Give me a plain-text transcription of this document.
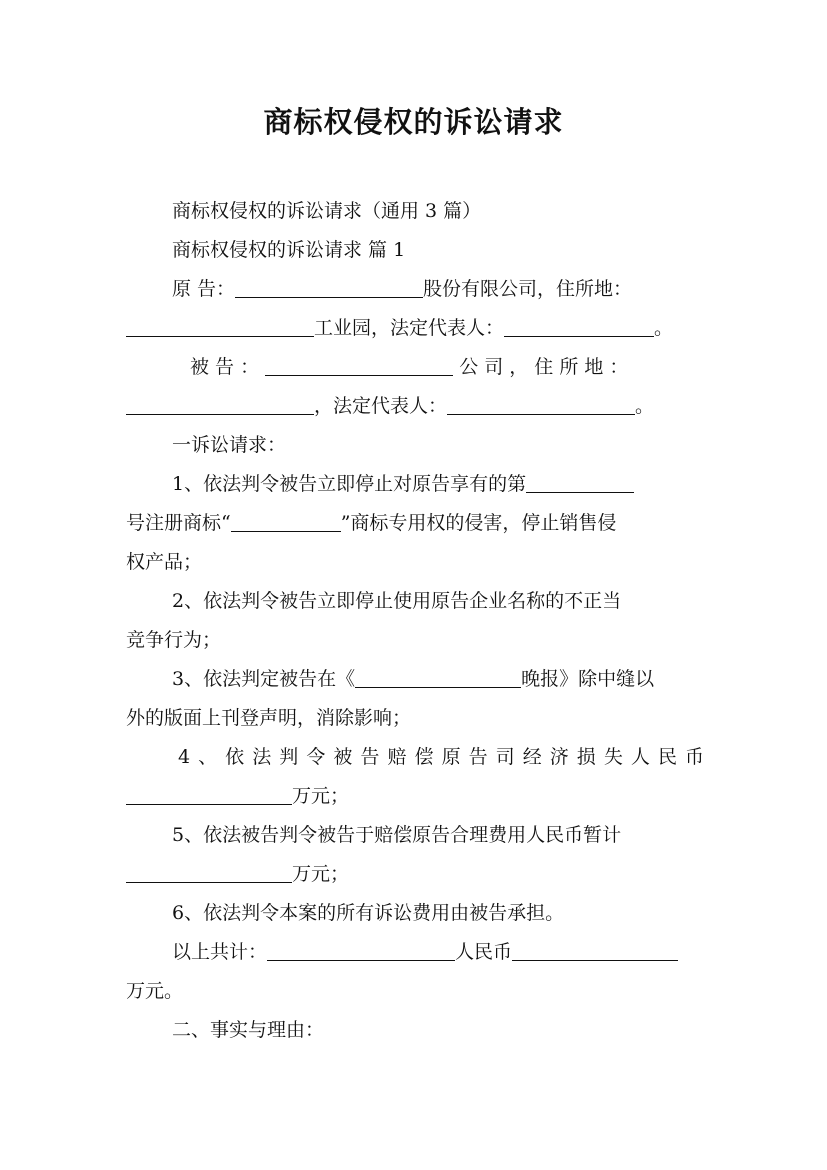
商标权侵权的诉讼请求
商标权侵权的诉讼请求（通用 3 篇）
商标权侵权的诉讼请求 篇 1
原 告：	股份有限公司，住所地：
工业园，法定代表人：	。
被 告 ：	公 司 ， 住 所 地 ：
，法定代表人：	。
一诉讼请求：
1、依法判令被告立即停止对原告享有的第
号注册商标“	”商标专用权的侵害，停止销售侵
权产品；
2、依法判令被告立即停止使用原告企业名称的不正当
竞争行为；
3、依法判定被告在《	晚报》除中缝以
外的版面上刊登声明，消除影响；
4、依法判令被告赔偿原告司经济损失人民币
万元；
5、依法被告判令被告于赔偿原告合理费用人民币暂计
万元；
6、依法判令本案的所有诉讼费用由被告承担。
以上共计：	人民币
万元。
二、事实与理由：
